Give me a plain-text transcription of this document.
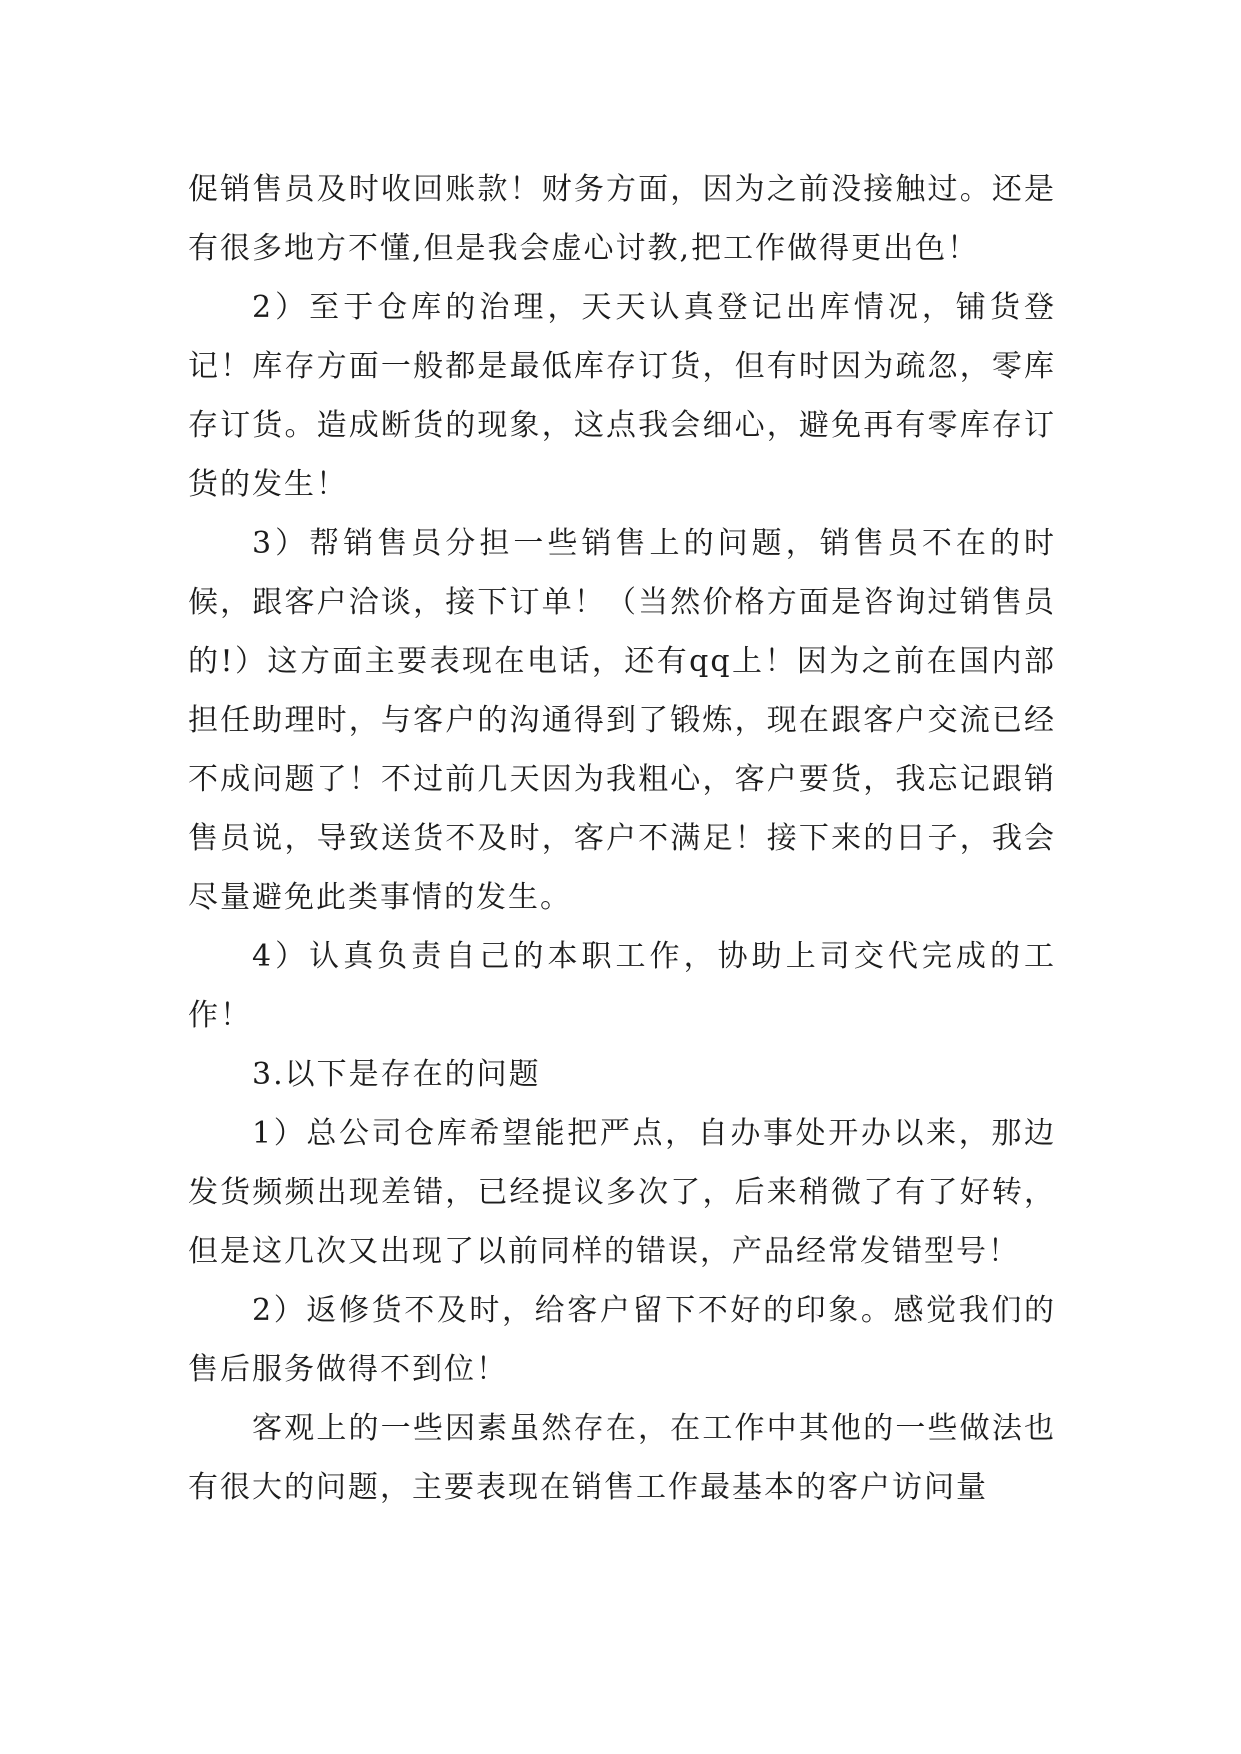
促销售员及时收回账款！财务方面，因为之前没接触过。还是有很多地方不懂,但是我会虚心讨教,把工作做得更出色！

2）至于仓库的治理，天天认真登记出库情况，铺货登记！库存方面一般都是最低库存订货，但有时因为疏忽，零库存订货。造成断货的现象，这点我会细心，避免再有零库存订货的发生！

3）帮销售员分担一些销售上的问题，销售员不在的时候，跟客户洽谈，接下订单！（当然价格方面是咨询过销售员的!）这方面主要表现在电话，还有qq上！因为之前在国内部担任助理时，与客户的沟通得到了锻炼，现在跟客户交流已经不成问题了！不过前几天因为我粗心，客户要货，我忘记跟销售员说，导致送货不及时，客户不满足！接下来的日子，我会尽量避免此类事情的发生。

4）认真负责自己的本职工作，协助上司交代完成的工作！

3.以下是存在的问题

1）总公司仓库希望能把严点，自办事处开办以来，那边发货频频出现差错，已经提议多次了，后来稍微了有了好转，但是这几次又出现了以前同样的错误，产品经常发错型号！

2）返修货不及时，给客户留下不好的印象。感觉我们的售后服务做得不到位！

客观上的一些因素虽然存在，在工作中其他的一些做法也有很大的问题，主要表现在销售工作最基本的客户访问量
